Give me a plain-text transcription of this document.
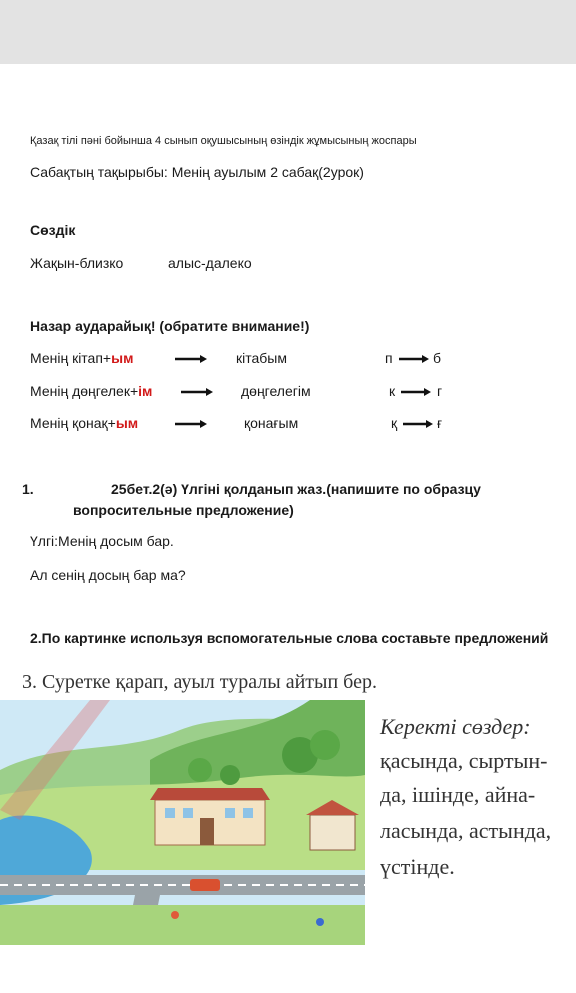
Қазақ тілі пәні бойынша 4 сынып оқушысының өзіндік жұмысының жоспары
Сабақтың тақырыбы: Менің ауылым 2 сабақ(2урок)
Сөздік
Жақын-близко	алыс-далеко
Назар аударайық! (обратите внимание!)
Менің кітап+ым	кітабым	п	б
Менің дөңгелек+ім	дөңгелегім	к	г
Менің қонақ+ым	қонағым	қ	ғ
1.	25бет.2(ә) Үлгіні қолданып жаз.(напишите по образцу
вопросительные предложение)
Үлгі:Менің досым бар.
Ал сенің досың бар ма?
2.По картинке используя вспомогательные слова составьте предложений
3. Суретке қарап, ауыл туралы айтып бер.
Керекті сөздер:
қасында, сыртын-
да, ішінде, айна-
ласында, астында,
үстінде.
